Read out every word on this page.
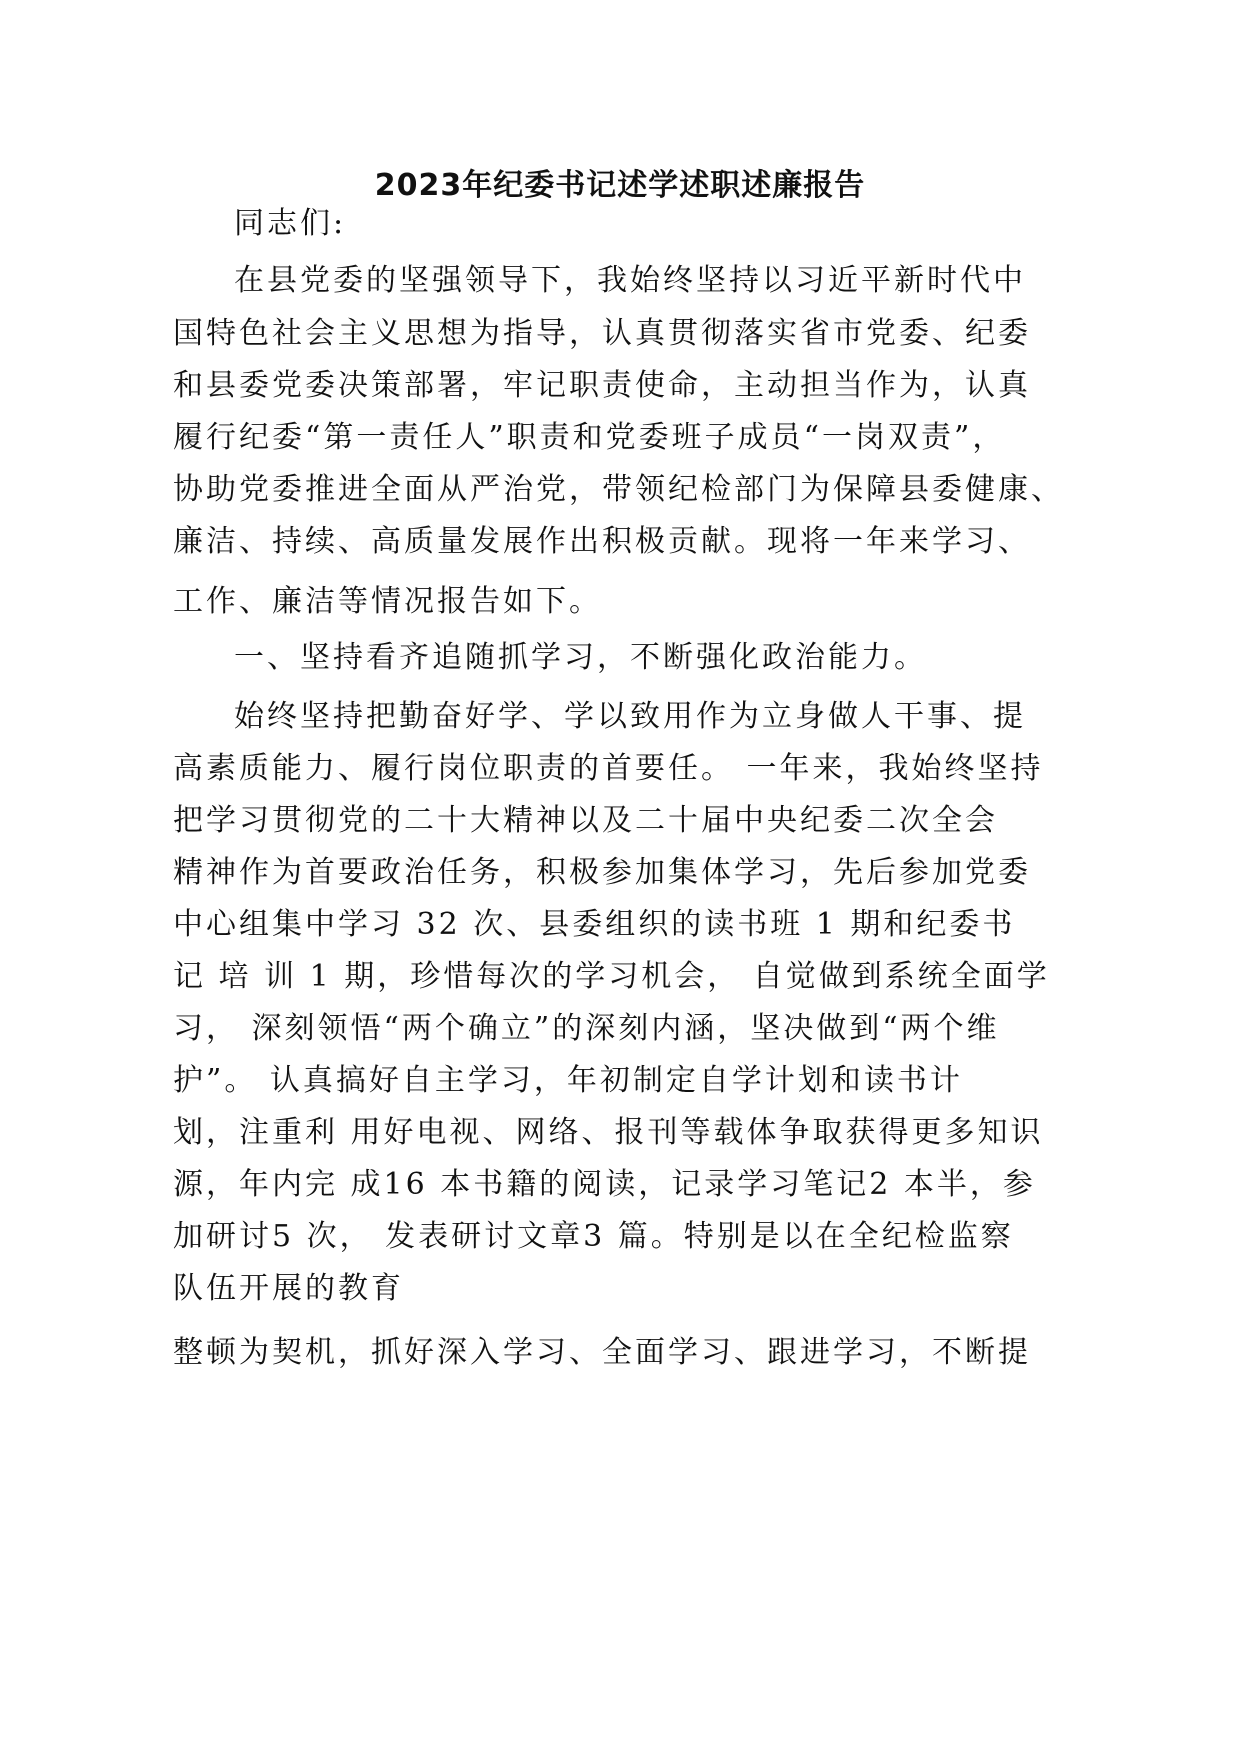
2023年纪委书记述学述职述廉报告
同志们:
在县党委的坚强领导下，我始终坚持以习近平新时代中
国特色社会主义思想为指导，认真贯彻落实省市党委、纪委
和县委党委决策部署，牢记职责使命，主动担当作为，认真
履行纪委“第一责任人”职责和党委班子成员“一岗双责”，
协助党委推进全面从严治党，带领纪检部门为保障县委健康、
廉洁、持续、高质量发展作出积极贡献。现将一年来学习、
工作、廉洁等情况报告如下。
一、坚持看齐追随抓学习，不断强化政治能力。
始终坚持把勤奋好学、学以致用作为立身做人干事、提
高素质能力、履行岗位职责的首要任。 一年来，我始终坚持
把学习贯彻党的二十大精神以及二十届中央纪委二次全会
精神作为首要政治任务，积极参加集体学习，先后参加党委
中心组集中学习 32 次、县委组织的读书班 1 期和纪委书
记 培 训 1 期，珍惜每次的学习机会， 自觉做到系统全面学
习， 深刻领悟“两个确立”的深刻内涵，坚决做到“两个维
护”。 认真搞好自主学习，年初制定自学计划和读书计
划，注重利 用好电视、网络、报刊等载体争取获得更多知识
源，年内完 成16 本书籍的阅读，记录学习笔记2 本半，参
加研讨5 次， 发表研讨文章3 篇。特别是以在全纪检监察
队伍开展的教育
整顿为契机，抓好深入学习、全面学习、跟进学习，不断提
